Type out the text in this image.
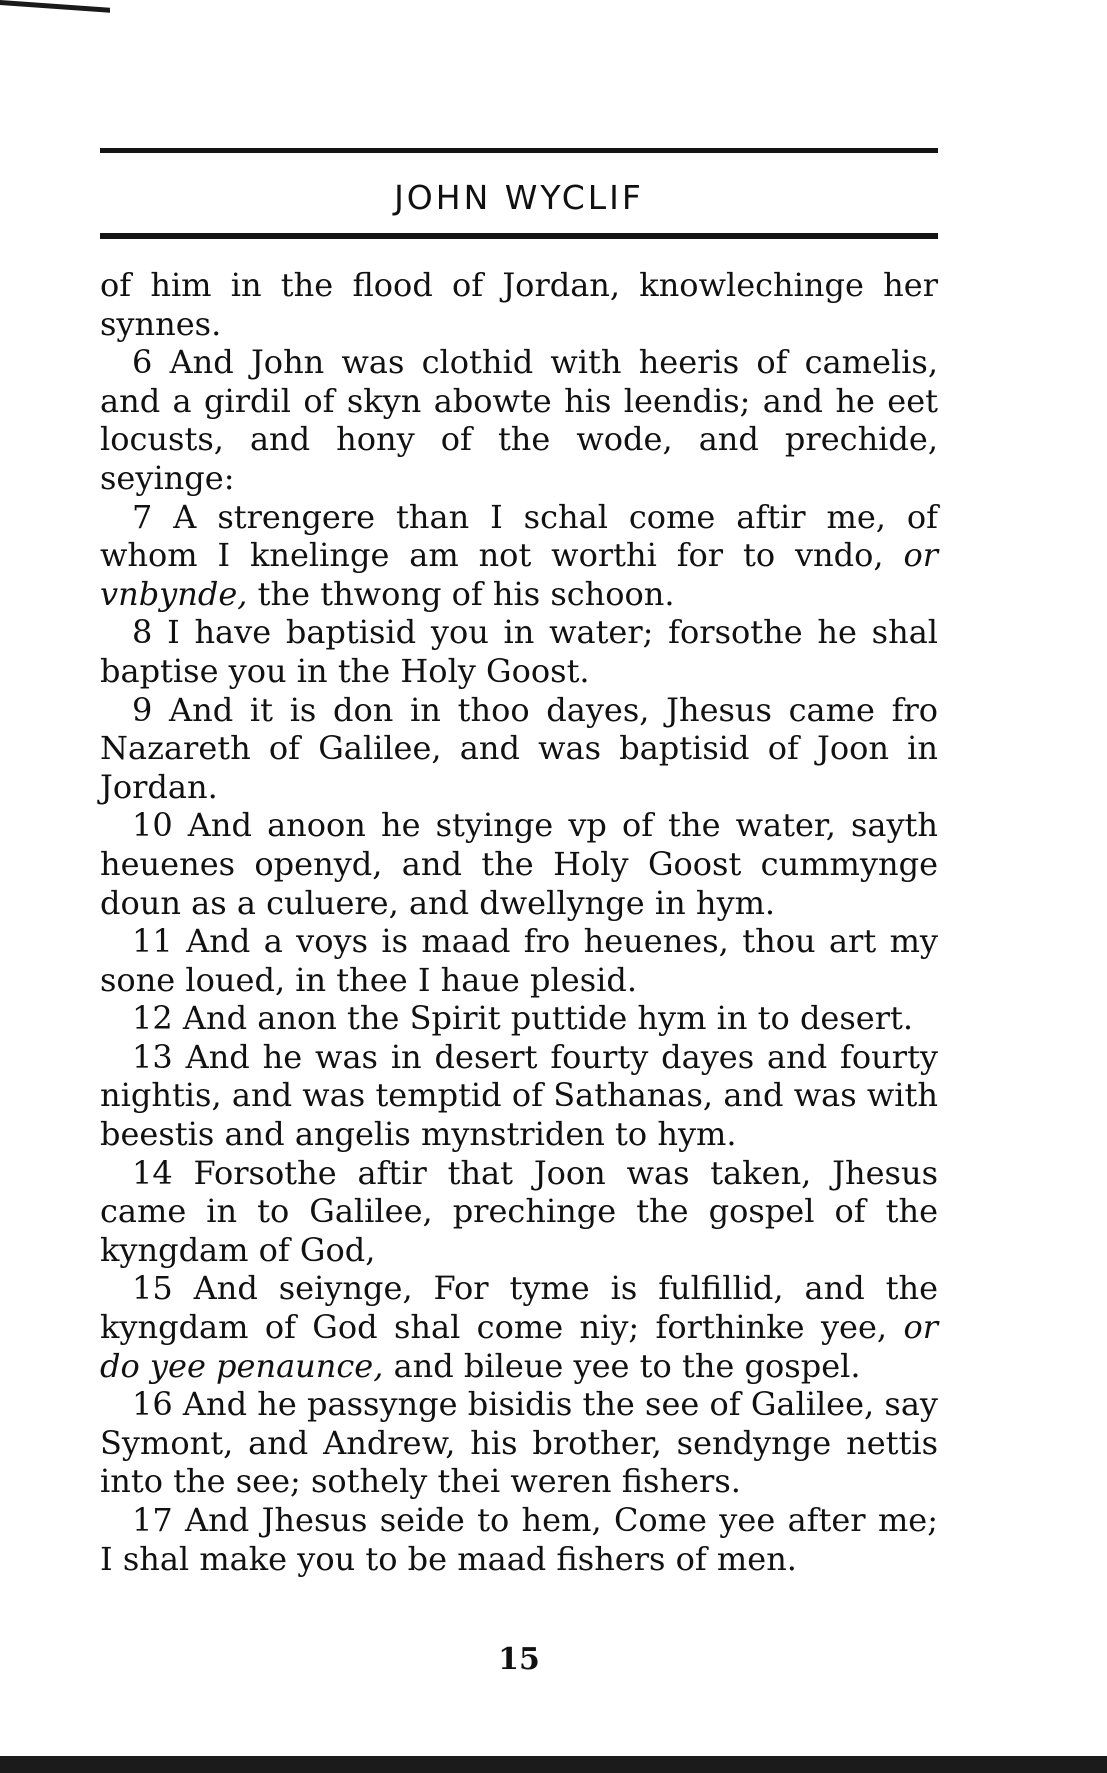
JOHN WYCLIF

of him in the flood of Jordan, knowlechinge her synnes.

6 And John was clothid with heeris of camelis, and a girdil of skyn abowte his leendis; and he eet locusts, and hony of the wode, and prechide, seyinge:

7 A strengere than I schal come aftir me, of whom I knelinge am not worthi for to vndo, or vnbynde, the thwong of his schoon.

8 I have baptisid you in water; forsothe he shal baptise you in the Holy Goost.

9 And it is don in thoo dayes, Jhesus came fro Nazareth of Galilee, and was baptisid of Joon in Jordan.

10 And anoon he styinge vp of the water, sayth heuenes openyd, and the Holy Goost cummynge doun as a culuere, and dwellynge in hym.

11 And a voys is maad fro heuenes, thou art my sone loued, in thee I haue plesid.

12 And anon the Spirit puttide hym in to desert.

13 And he was in desert fourty dayes and fourty nightis, and was temptid of Sathanas, and was with beestis and angelis mynstriden to hym.

14 Forsothe aftir that Joon was taken, Jhesus came in to Galilee, prechinge the gospel of the kyngdam of God,

15 And seiynge, For tyme is fulfillid, and the kyngdam of God shal come niy; forthinke yee, or do yee penaunce, and bileue yee to the gospel.

16 And he passynge bisidis the see of Galilee, say Symont, and Andrew, his brother, sendynge nettis into the see; sothely thei weren fishers.

17 And Jhesus seide to hem, Come yee after me; I shal make you to be maad fishers of men.

15
